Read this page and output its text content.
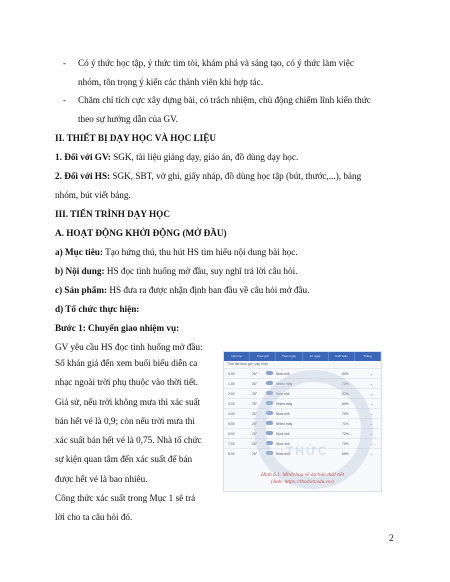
- Có ý thức học tập, ý thức tìm tòi, khám phá và sáng tạo, có ý thức làm việc
nhóm, tôn trọng ý kiến các thành viên khi hợp tác.
- Chăm chỉ tích cực xây dựng bài, có trách nhiệm, chủ động chiếm lĩnh kiến thức
theo sự hướng dẫn của GV.
II. THIẾT BỊ DẠY HỌC VÀ HỌC LIỆU
1. Đối với GV: SGK, tài liệu giảng dạy, giáo án, đồ dùng dạy học.
2. Đối với HS: SGK, SBT, vở ghi, giấy nháp, đồ dùng học tập (bút, thước,...), bảng
nhóm, bút viết bảng.
III. TIẾN TRÌNH DẠY HỌC
A. HOẠT ĐỘNG KHỞI ĐỘNG (MỞ ĐẦU)
a) Mục tiêu: Tạo hứng thú, thu hút HS tìm hiểu nội dung bài học.
b) Nội dung: HS đọc tình huống mở đầu, suy nghĩ trả lời câu hỏi.
c) Sản phẩm: HS đưa ra được nhận định ban đầu về câu hỏi mở đầu.
d) Tổ chức thực hiện:
Bước 1: Chuyển giao nhiệm vụ:
GV yêu cầu HS đọc tình huống mở đầu:
Số khán giả đến xem buổi biểu diễn ca
nhạc ngoài trời phụ thuộc vào thời tiết.
Giả sử, nếu trời không mưa thì xác suất
bán hết vé là 0,9; còn nếu trời mưa thì
xác suất bán hết vé là 0,75. Nhà tổ chức
sự kiện quan tâm đến xác suất để bán
được hết vé là bao nhiêu.
Công thức xác suất trong Mục 1 sẽ trả
lời cho ta câu hỏi đó.
Hiện tại	Theo giờ	Theo ngày	10 ngày	Cuối tuần	Tháng
Thời tiết theo giờ, cập nhật
0:00	26°	Mưa nhỏ	80%	⌄
1:00	26°	Nhiều mây	72%	⌄
2:00	25°	Mưa nhỏ	62%	⌄
3:00	25°	Nhiều mây	60%	⌄
4:00	25°	Mưa nhỏ	70%	⌄
5:00	25°	Nhiều mây	71%	⌄
6:00	25°	Mưa nhỏ	72%	⌄
7:00	26°	Mưa nhỏ	70%	⌄
8:00	26°	Mưa nhỏ	65%	⌄
THỨC
Hình 6.1. Minh hoạ về dự báo thời tiết
(Ảnh: https://thoitiet.edu.vn/)
2
